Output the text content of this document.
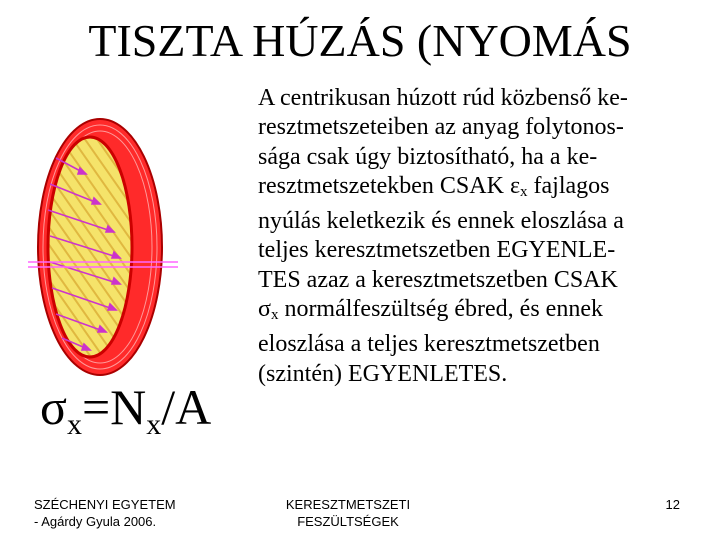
TISZTA HÚZÁS (NYOMÁS
$\sigma_x=N_x/A$
A centrikusan húzott rúd közbenső ke-
resztmetszeteiben az anyag folytonos-
sága csak úgy biztosítható, ha a ke-
resztmetszetekben CSAK $\varepsilon_x$ fajlagos
nyúlás keletkezik és ennek eloszlása a
teljes keresztmetszetben EGYENLE-
TES azaz a keresztmetszetben CSAK
$\sigma_x$ normálfeszültség ébred, és ennek
eloszlása a teljes keresztmetszetben
(szintén) EGYENLETES.
SZÉCHENYI EGYETEM
- Agárdy Gyula 2006.
KERESZTMETSZETI
FESZÜLTSÉGEK
12
